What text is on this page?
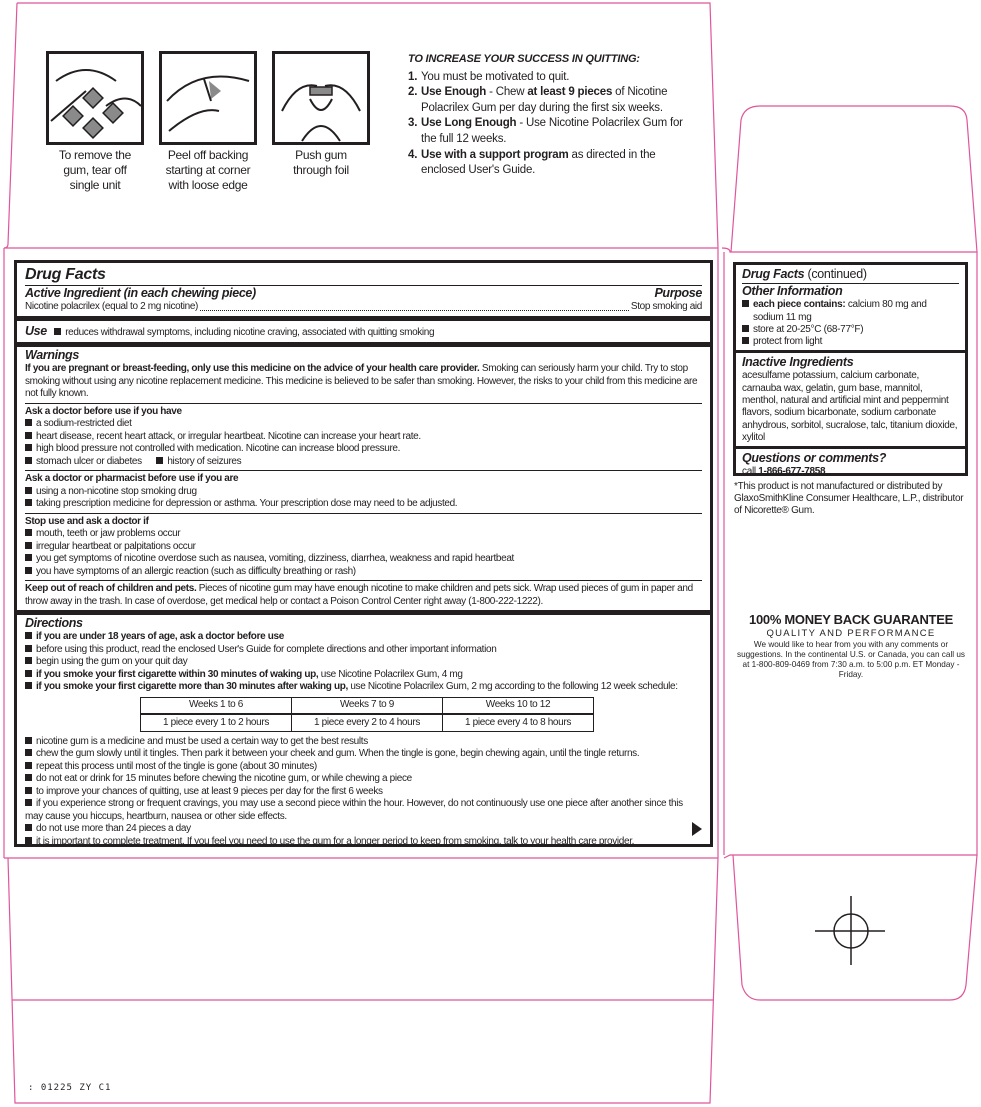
To remove the
gum, tear off
single unit
Peel off backing
starting at corner
with loose edge
Push gum
through foil
TO INCREASE YOUR SUCCESS IN QUITTING:
1. You must be motivated to quit.
2. Use Enough - Chew at least 9 pieces of Nicotine Polacrilex Gum per day during the first six weeks.
3. Use Long Enough - Use Nicotine Polacrilex Gum for the full 12 weeks.
4. Use with a support program as directed in the enclosed User's Guide.
Drug Facts
Active Ingredient (in each chewing piece)	Purpose
Nicotine polacrilex (equal to 2 mg nicotine)	Stop smoking aid
Use reduces withdrawal symptoms, including nicotine craving, associated with quitting smoking
Warnings
If you are pregnant or breast-feeding, only use this medicine on the advice of your health care provider. Smoking can seriously harm your child. Try to stop smoking without using any nicotine replacement medicine. This medicine is believed to be safer than smoking. However, the risks to your child from this medicine are not fully known.
Ask a doctor before use if you have
a sodium-restricted diet
heart disease, recent heart attack, or irregular heartbeat. Nicotine can increase your heart rate.
high blood pressure not controlled with medication. Nicotine can increase blood pressure.
stomach ulcer or diabetes	history of seizures
Ask a doctor or pharmacist before use if you are
using a non-nicotine stop smoking drug
taking prescription medicine for depression or asthma. Your prescription dose may need to be adjusted.
Stop use and ask a doctor if
mouth, teeth or jaw problems occur
irregular heartbeat or palpitations occur
you get symptoms of nicotine overdose such as nausea, vomiting, dizziness, diarrhea, weakness and rapid heartbeat
you have symptoms of an allergic reaction (such as difficulty breathing or rash)
Keep out of reach of children and pets. Pieces of nicotine gum may have enough nicotine to make children and pets sick. Wrap used pieces of gum in paper and throw away in the trash. In case of overdose, get medical help or contact a Poison Control Center right away (1-800-222-1222).
Directions
if you are under 18 years of age, ask a doctor before use
before using this product, read the enclosed User's Guide for complete directions and other important information
begin using the gum on your quit day
if you smoke your first cigarette within 30 minutes of waking up, use Nicotine Polacrilex Gum, 4 mg
if you smoke your first cigarette more than 30 minutes after waking up, use Nicotine Polacrilex Gum, 2 mg according to the following 12 week schedule:
Weeks 1 to 6	Weeks 7 to 9	Weeks 10 to 12
1 piece every 1 to 2 hours	1 piece every 2 to 4 hours	1 piece every 4 to 8 hours
nicotine gum is a medicine and must be used a certain way to get the best results
chew the gum slowly until it tingles. Then park it between your cheek and gum. When the tingle is gone, begin chewing again, until the tingle returns.
repeat this process until most of the tingle is gone (about 30 minutes)
do not eat or drink for 15 minutes before chewing the nicotine gum, or while chewing a piece
to improve your chances of quitting, use at least 9 pieces per day for the first 6 weeks
if you experience strong or frequent cravings, you may use a second piece within the hour. However, do not continuously use one piece after another since this may cause you hiccups, heartburn, nausea or other side effects.
do not use more than 24 pieces a day
it is important to complete treatment. If you feel you need to use the gum for a longer period to keep from smoking, talk to your health care provider.
Drug Facts (continued)
Other Information
each piece contains: calcium 80 mg and sodium 11 mg
store at 20-25°C (68-77°F)
protect from light
Inactive Ingredients
acesulfame potassium, calcium carbonate, carnauba wax, gelatin, gum base, mannitol, menthol, natural and artificial mint and peppermint flavors, sodium bicarbonate, sodium carbonate anhydrous, sorbitol, sucralose, talc, titanium dioxide, xylitol
Questions or comments?
call 1-866-677-7858
*This product is not manufactured or distributed by GlaxoSmithKline Consumer Healthcare, L.P., distributor of Nicorette® Gum.
100% MONEY BACK GUARANTEE
QUALITY AND PERFORMANCE
We would like to hear from you with any comments or suggestions. In the continental U.S. or Canada, you can call us at 1-800-809-0469 from 7:30 a.m. to 5:00 p.m. ET Monday - Friday.
: 01225 ZY C1
